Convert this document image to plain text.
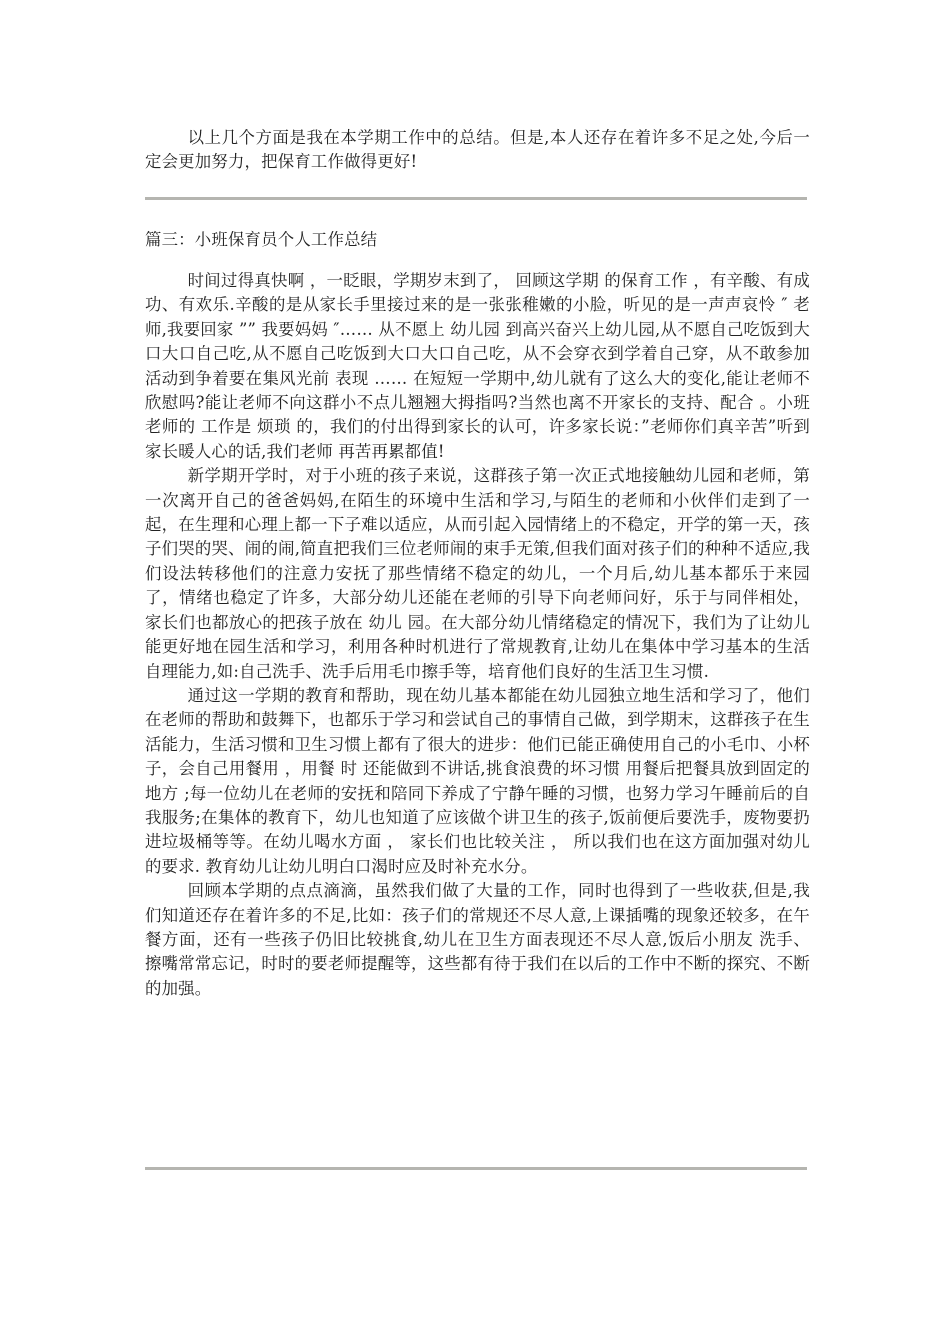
以上几个方面是我在本学期工作中的总结。但是,本人还存在着许多不足之处,今后一定会更加努力，把保育工作做得更好!

篇三：小班保育员个人工作总结

时间过得真快啊 ，一眨眼，学期岁末到了， 回顾这学期 的保育工作 ，有辛酸、有成功、有欢乐.辛酸的是从家长手里接过来的是一张张稚嫩的小脸，听见的是一声声哀怜 ″ 老师,我要回家 ”” 我要妈妈 ″…… 从不愿上 幼儿园 到高兴奋兴上幼儿园,从不愿自己吃饭到大口大口自己吃,从不愿自己吃饭到大口大口自己吃，从不会穿衣到学着自己穿，从不敢参加活动到争着要在集风光前 表现 …… 在短短一学期中,幼儿就有了这么大的变化,能让老师不欣慰吗?能让老师不向这群小不点儿翘翘大拇指吗?当然也离不开家长的支持、配合 。小班老师的 工作是 烦琐 的，我们的付出得到家长的认可，许多家长说：”老师你们真辛苦”听到家长暖人心的话,我们老师 再苦再累都值!

新学期开学时，对于小班的孩子来说，这群孩子第一次正式地接触幼儿园和老师，第一次离开自己的爸爸妈妈,在陌生的环境中生活和学习,与陌生的老师和小伙伴们走到了一起，在生理和心理上都一下子难以适应，从而引起入园情绪上的不稳定，开学的第一天，孩子们哭的哭、闹的闹,简直把我们三位老师闹的束手无策,但我们面对孩子们的种种不适应,我们设法转移他们的注意力安抚了那些情绪不稳定的幼儿，一个月后,幼儿基本都乐于来园了，情绪也稳定了许多，大部分幼儿还能在老师的引导下向老师问好，乐于与同伴相处， 家长们也都放心的把孩子放在 幼儿 园。在大部分幼儿情绪稳定的情况下，我们为了让幼儿能更好地在园生活和学习，利用各种时机进行了常规教育,让幼儿在集体中学习基本的生活自理能力,如:自己洗手、洗手后用毛巾擦手等，培育他们良好的生活卫生习惯.

通过这一学期的教育和帮助，现在幼儿基本都能在幼儿园独立地生活和学习了，他们在老师的帮助和鼓舞下，也都乐于学习和尝试自己的事情自己做，到学期末，这群孩子在生活能力，生活习惯和卫生习惯上都有了很大的进步：他们已能正确使用自己的小毛巾、小杯子，会自己用餐用 ，用餐 时 还能做到不讲话,挑食浪费的坏习惯 用餐后把餐具放到固定的地方 ;每一位幼儿在老师的安抚和陪同下养成了宁静午睡的习惯，也努力学习午睡前后的自我服务;在集体的教育下，幼儿也知道了应该做个讲卫生的孩子,饭前便后要洗手，废物要扔进垃圾桶等等。在幼儿喝水方面 ， 家长们也比较关注 ， 所以我们也在这方面加强对幼儿的要求. 教育幼儿让幼儿明白口渴时应及时补充水分。

回顾本学期的点点滴滴，虽然我们做了大量的工作，同时也得到了一些收获,但是,我们知道还存在着许多的不足,比如：孩子们的常规还不尽人意,上课插嘴的现象还较多，在午餐方面，还有一些孩子仍旧比较挑食,幼儿在卫生方面表现还不尽人意,饭后小朋友 洗手、 擦嘴常常忘记，时时的要老师提醒等，这些都有待于我们在以后的工作中不断的探究、不断的加强。
